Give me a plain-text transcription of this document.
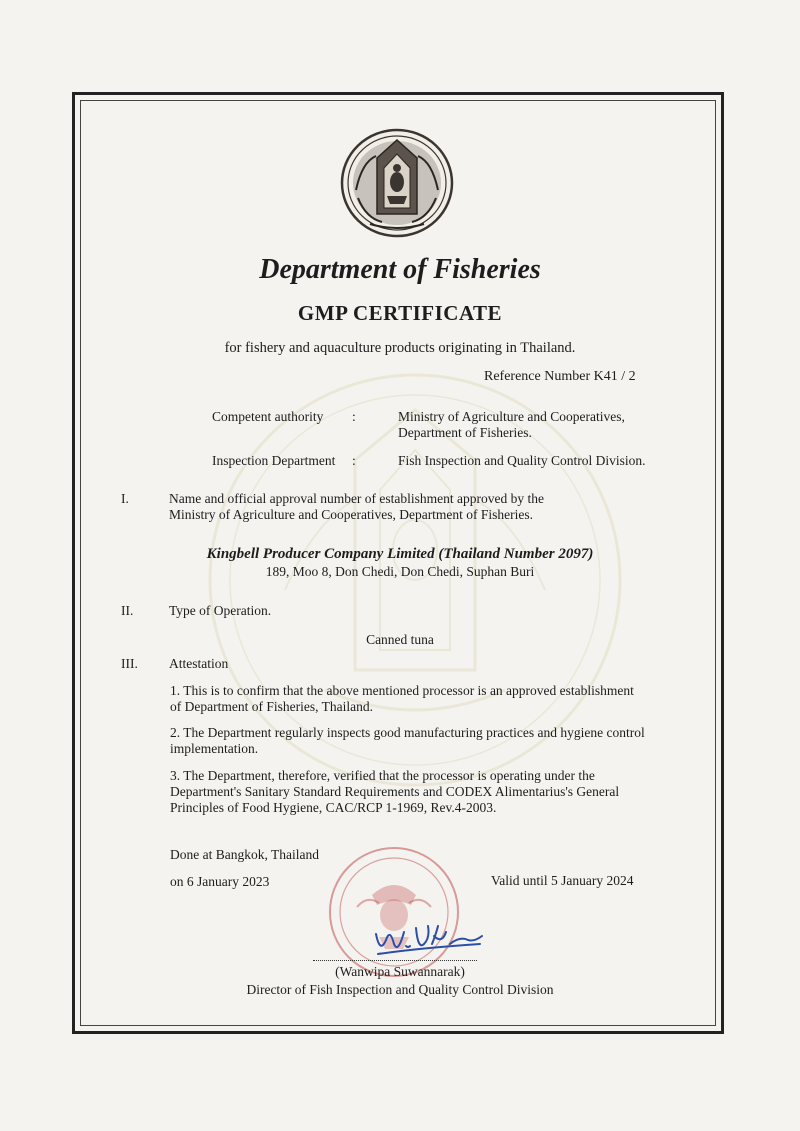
Department of Fisheries
GMP CERTIFICATE
for fishery and aquaculture products originating in Thailand.
Reference Number K41 / 2
Competent authority :	Ministry of Agriculture and Cooperatives,
Department of Fisheries.
Inspection Department :	Fish Inspection and Quality Control Division.
I.	Name and official approval number of establishment approved by the
Ministry of Agriculture and Cooperatives, Department of Fisheries.
Kingbell Producer Company Limited (Thailand Number 2097)
189, Moo 8, Don Chedi, Don Chedi, Suphan Buri
II.	Type of Operation.
Canned tuna
III. Attestation
1. This is to confirm that the above mentioned processor is an approved establishment
of Department of Fisheries, Thailand.
2. The Department regularly inspects good manufacturing practices and hygiene control
implementation.
3. The Department, therefore, verified that the processor is operating under the
Department's Sanitary Standard Requirements and CODEX Alimentarius's General
Principles of Food Hygiene, CAC/RCP 1-1969, Rev.4-2003.
Done at Bangkok, Thailand
on 6 January 2023	Valid until 5 January 2024
(Wanwipa Suwannarak)
Director of Fish Inspection and Quality Control Division
